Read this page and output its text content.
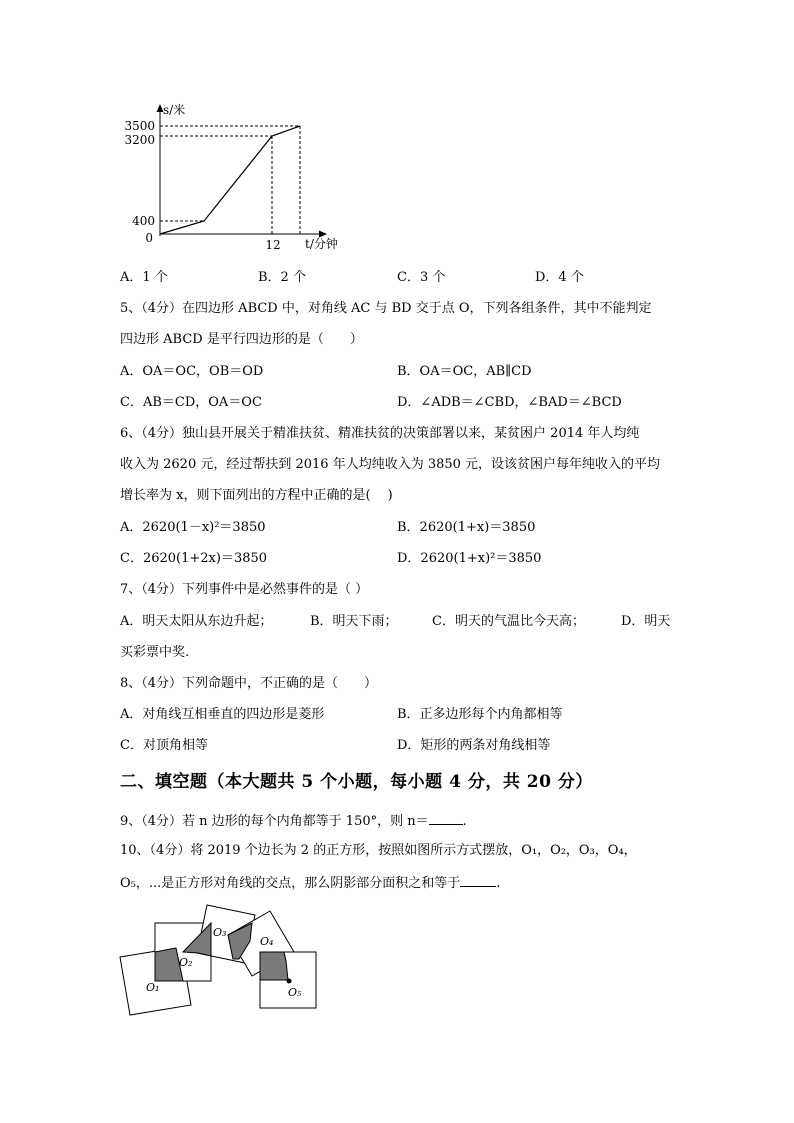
s/米
3500
3200
400
0	12 t/分钟
A．1 个	B．2 个	C．3 个	D．4 个
5、（4分）在四边形 ABCD 中，对角线 AC 与 BD 交于点 O，下列各组条件，其中不能判定
四边形 ABCD 是平行四边形的是（　　）
A．OA＝OC，OB＝OD	B．OA＝OC，AB∥CD
C．AB＝CD，OA＝OC	D．∠ADB＝∠CBD，∠BAD＝∠BCD
6、（4分）独山县开展关于精准扶贫、精准扶贫的决策部署以来，某贫困户 2014 年人均纯
收入为 2620 元，经过帮扶到 2016 年人均纯收入为 3850 元，设该贫困户每年纯收入的平均
增长率为 x，则下面列出的方程中正确的是(　 )
A．2620(1－x)²＝3850	B．2620(1+x)＝3850
C．2620(1+2x)＝3850	D．2620(1+x)²＝3850
7、（4分）下列事件中是必然事件的是（ ）
A．明天太阳从东边升起；	B．明天下雨；	C．明天的气温比今天高；	D．明天
买彩票中奖.
8、（4分）下列命题中，不正确的是（　　）
A．对角线互相垂直的四边形是菱形	B．正多边形每个内角都相等
C．对顶角相等	D．矩形的两条对角线相等
二、填空题（本大题共 5 个小题，每小题 4 分，共 20 分）
9、（4分）若 n 边形的每个内角都等于 150°，则 n＝	.
10、（4分）将 2019 个边长为 2 的正方形，按照如图所示方式摆放，O₁，O₂，O₃，O₄，
O₅，...是正方形对角线的交点，那么阴影部分面积之和等于	.
O₁
O₂
O₃
O₄
O₅
